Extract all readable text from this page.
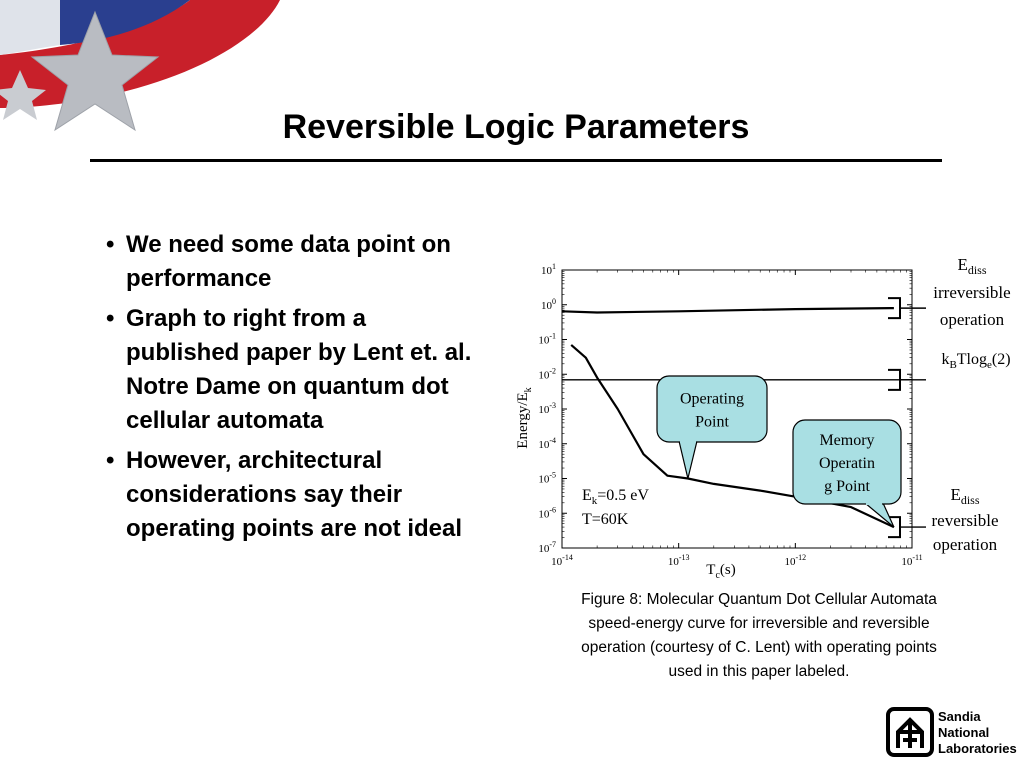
Reversible Logic Parameters
• We need some data point on performance
• Graph to right from a published paper by Lent et. al. Notre Dame on quantum dot cellular automata
• However, architectural considerations say their operating points are not ideal
$10^1$
$10^0$
$10^{-1}$
$10^{-2}$
$10^{-3}$
$10^{-4}$
$10^{-5}$
$10^{-6}$
$10^{-7}$
$10^{-14}$	$10^{-13}$	$10^{-12}$	$10^{-11}$
$T_c(s)$
Energy/$E_k$
$E_k=0.5$ eV
T=60K
$E_{diss}$
irreversible
operation
$k_BTlog_e(2)$
$E_{diss}$
reversible
operation
Operating
Point
Memory
Operatin
g Point
Figure 8: Molecular Quantum Dot Cellular Automata
speed-energy curve for irreversible and reversible
operation (courtesy of C. Lent) with operating points
used in this paper labeled.
Sandia
National
Laboratories
